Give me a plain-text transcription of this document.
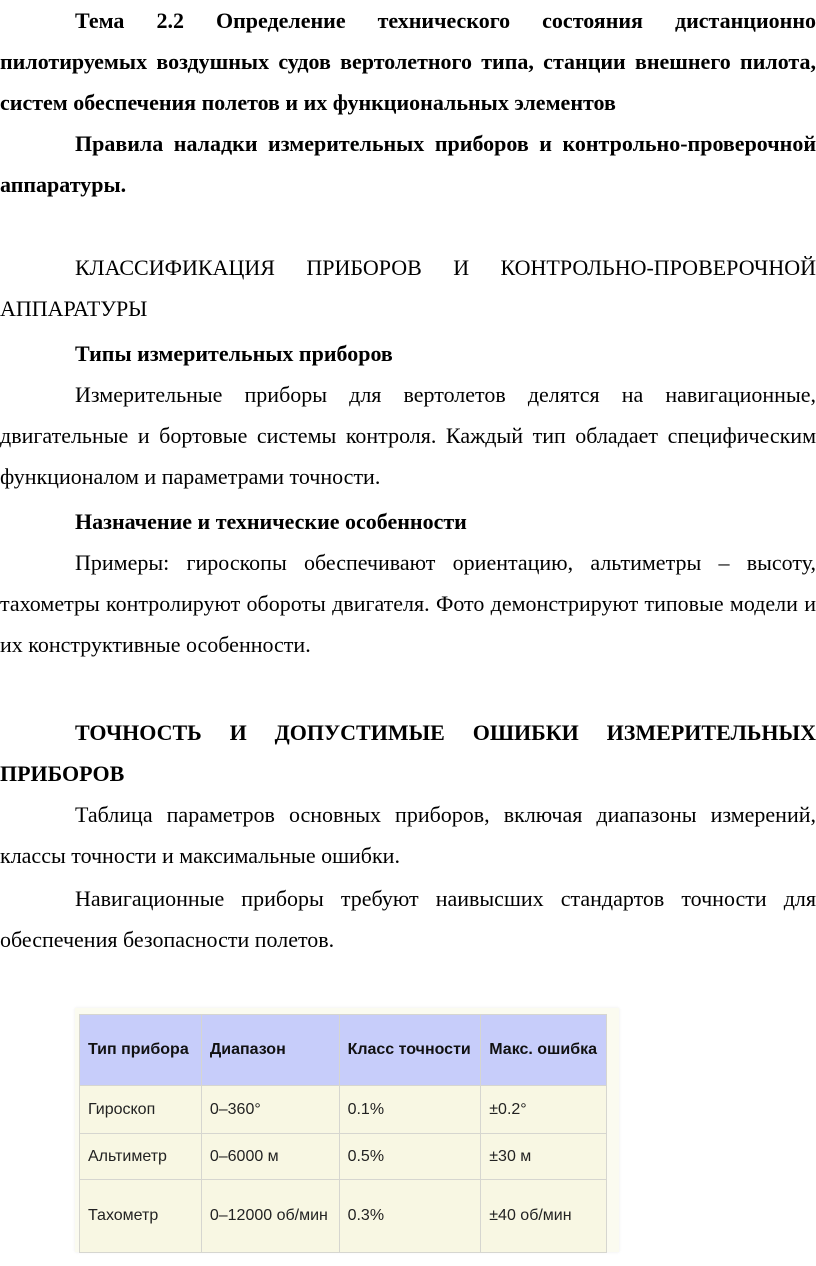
Тема 2.2 Определение технического состояния дистанционно пилотируемых воздушных судов вертолетного типа, станции внешнего пилота, систем обеспечения полетов и их функциональных элементов

Правила наладки измерительных приборов и контрольно-проверочной аппаратуры.

КЛАССИФИКАЦИЯ ПРИБОРОВ И КОНТРОЛЬНО-ПРОВЕРОЧНОЙ АППАРАТУРЫ

Типы измерительных приборов

Измерительные приборы для вертолетов делятся на навигационные, двигательные и бортовые системы контроля. Каждый тип обладает специфическим функционалом и параметрами точности.

Назначение и технические особенности

Примеры: гироскопы обеспечивают ориентацию, альтиметры – высоту, тахометры контролируют обороты двигателя. Фото демонстрируют типовые модели и их конструктивные особенности.

ТОЧНОСТЬ И ДОПУСТИМЫЕ ОШИБКИ ИЗМЕРИТЕЛЬНЫХ ПРИБОРОВ

Таблица параметров основных приборов, включая диапазоны измерений, классы точности и максимальные ошибки.

Навигационные приборы требуют наивысших стандартов точности для обеспечения безопасности полетов.

Тип прибора	Диапазон	Класс точности	Макс. ошибка
Гироскоп	0–360°	0.1%	±0.2°
Альтиметр	0–6000 м	0.5%	±30 м
Тахометр	0–12000 об/мин	0.3%	±40 об/мин
